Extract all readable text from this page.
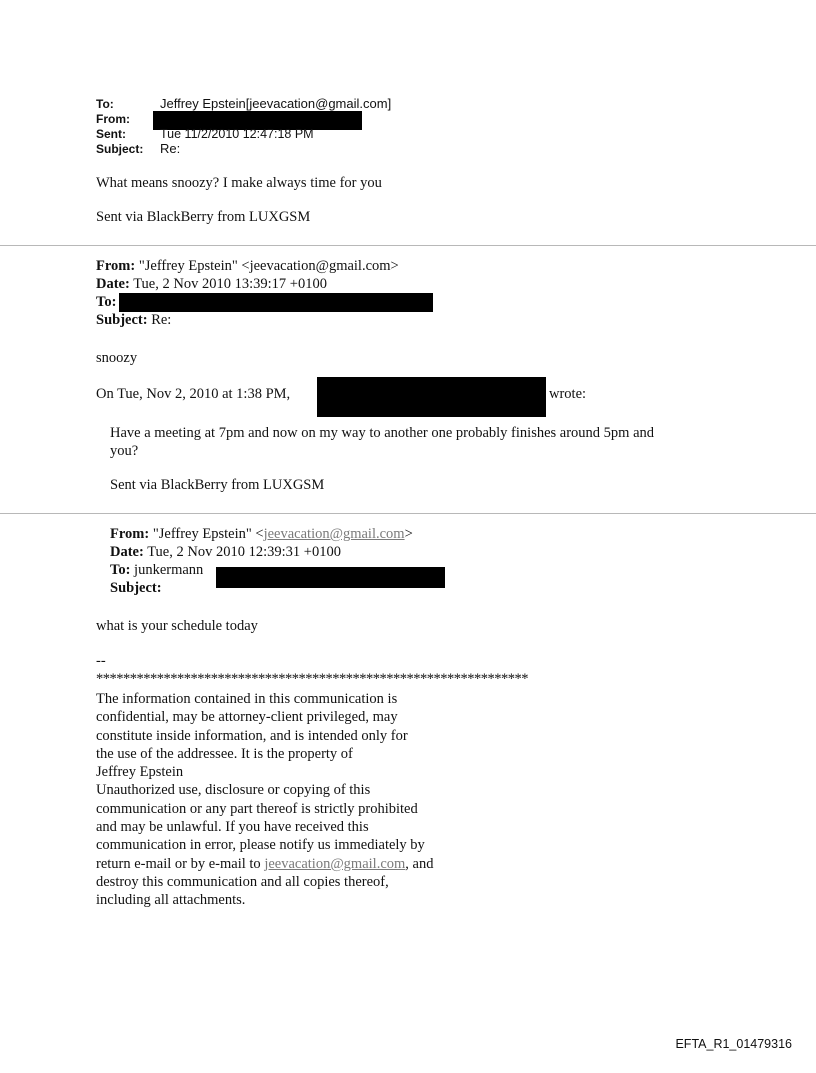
To:	Jeffrey Epstein[jeevacation@gmail.com]
From:
Sent:	Tue 11/2/2010 12:47:18 PM
Subject: Re:
What means snoozy? I make always time for you
Sent via BlackBerry from LUXGSM
From: "Jeffrey Epstein" <jeevacation@gmail.com>
Date: Tue, 2 Nov 2010 13:39:17 +0100
To:
Subject: Re:
snoozy
On Tue, Nov 2, 2010 at 1:38 PM,	wrote:
Have a meeting at 7pm and now on my way to another one probably finishes around 5pm and
you?
Sent via BlackBerry from LUXGSM
From: "Jeffrey Epstein" <jeevacation@gmail.com>
Date: Tue, 2 Nov 2010 12:39:31 +0100
To: junkermann
Subject:
what is your schedule today
--
****************************************************************
The information contained in this communication is
confidential, may be attorney-client privileged, may
constitute inside information, and is intended only for
the use of the addressee. It is the property of
Jeffrey Epstein
Unauthorized use, disclosure or copying of this
communication or any part thereof is strictly prohibited
and may be unlawful. If you have received this
communication in error, please notify us immediately by
return e-mail or by e-mail to jeevacation@gmail.com, and
destroy this communication and all copies thereof,
including all attachments.
EFTA_R1_01479316
